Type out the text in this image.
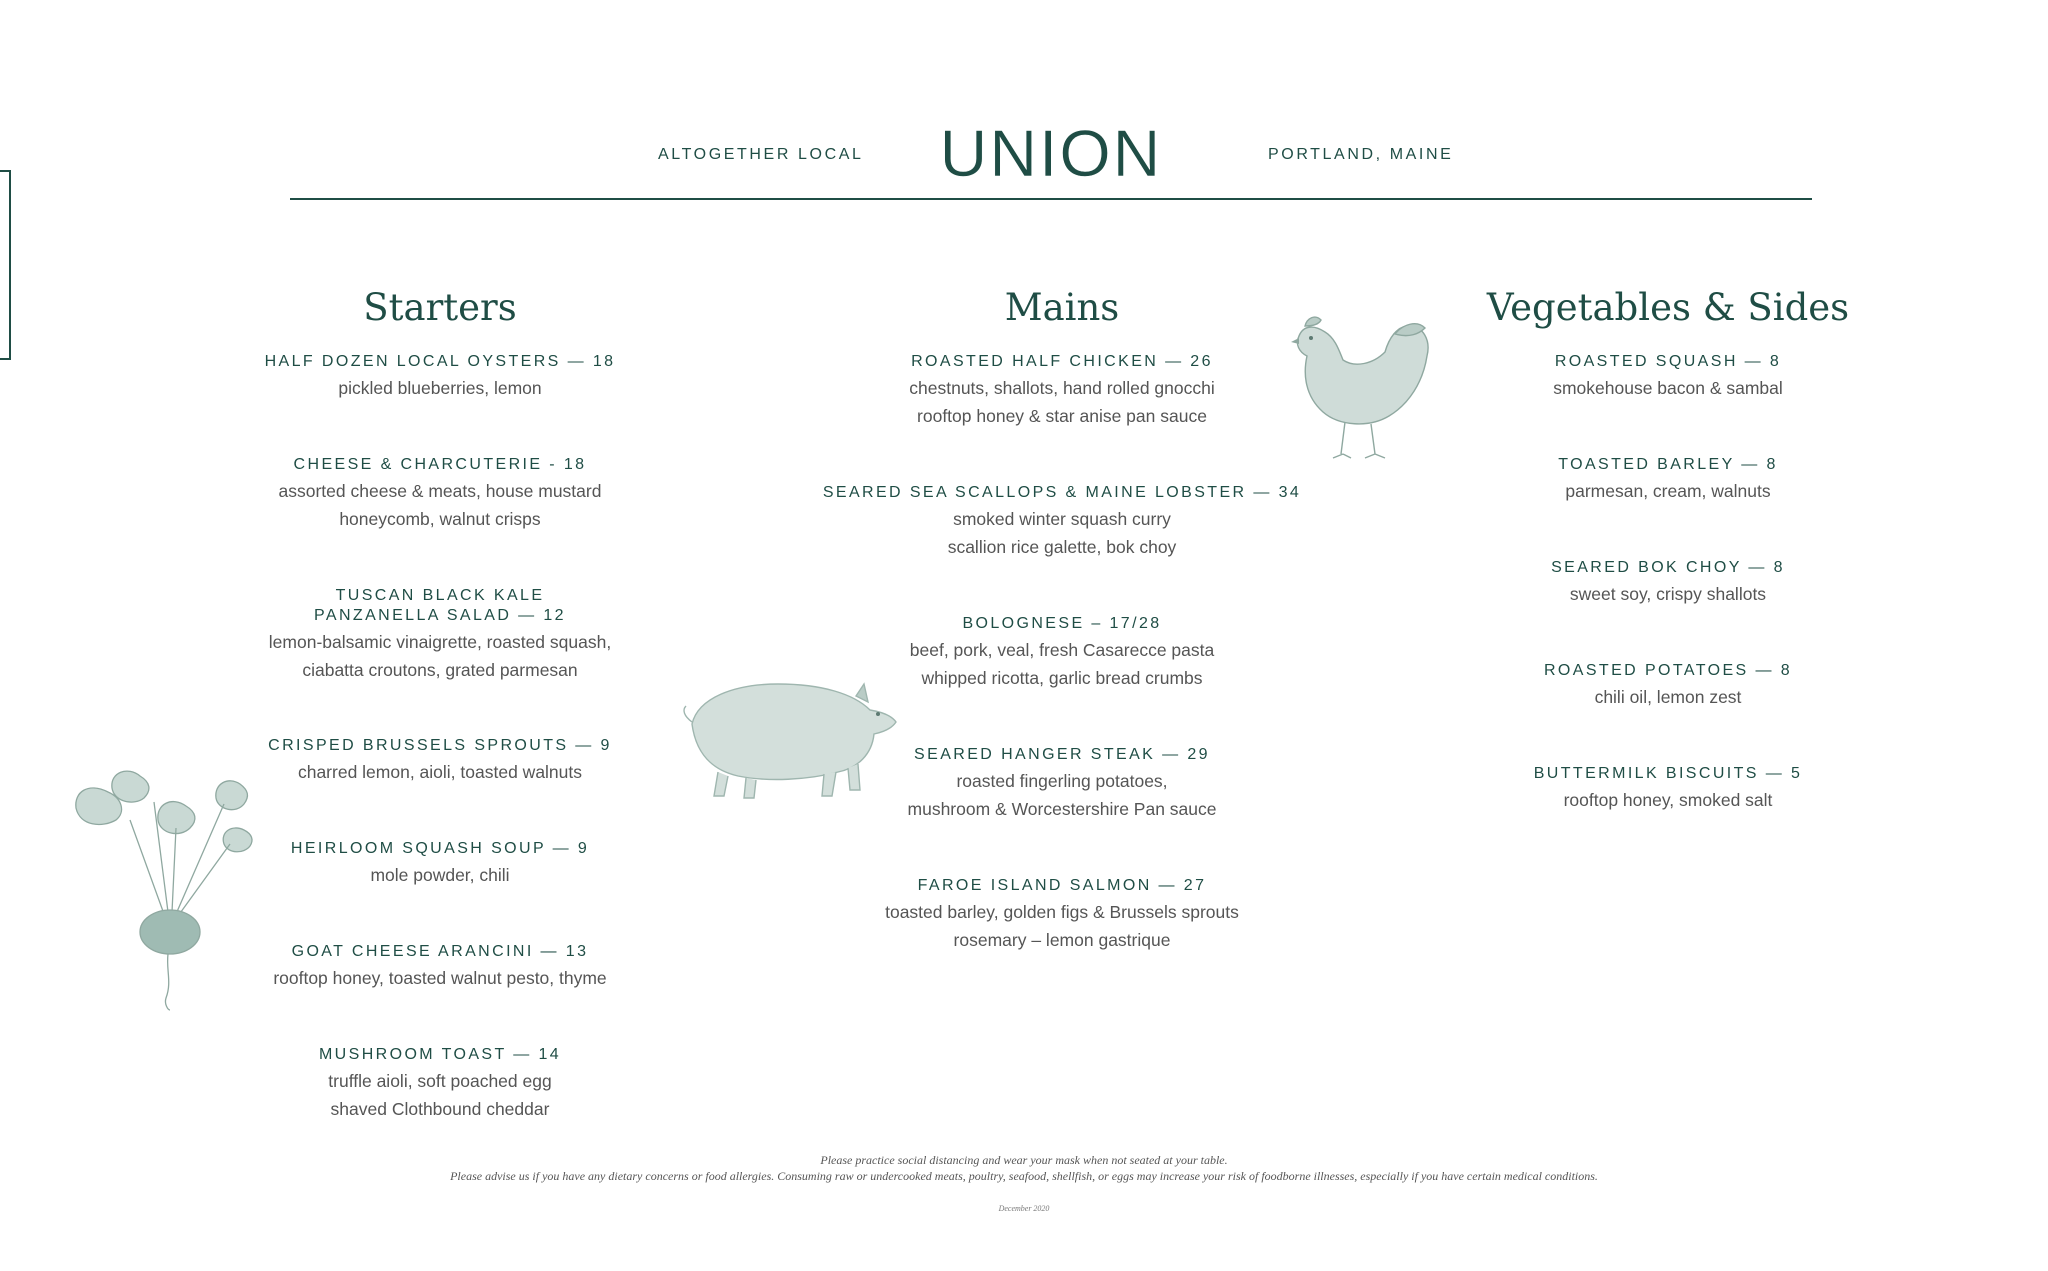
ALTOGETHER LOCAL UNION	PORTLAND, MAINE
Starters	Mains	Vegetables & Sides
HALF DOZEN LOCAL OYSTERS — 18
pickled blueberries, lemon
CHEESE & CHARCUTERIE - 18
assorted cheese & meats, house mustard
honeycomb, walnut crisps
TUSCAN BLACK KALE
PANZANELLA SALAD — 12
lemon-balsamic vinaigrette, roasted squash,
ciabatta croutons, grated parmesan
CRISPED BRUSSELS SPROUTS — 9
charred lemon, aioli, toasted walnuts
HEIRLOOM SQUASH SOUP — 9
mole powder, chili
GOAT CHEESE ARANCINI — 13
rooftop honey, toasted walnut pesto, thyme
MUSHROOM TOAST — 14
truffle aioli, soft poached egg
shaved Clothbound cheddar
ROASTED HALF CHICKEN — 26
chestnuts, shallots, hand rolled gnocchi
rooftop honey & star anise pan sauce
SEARED SEA SCALLOPS & MAINE LOBSTER — 34
smoked winter squash curry
scallion rice galette, bok choy
BOLOGNESE – 17/28
beef, pork, veal, fresh Casarecce pasta
whipped ricotta, garlic bread crumbs
SEARED HANGER STEAK — 29
roasted fingerling potatoes,
mushroom & Worcestershire Pan sauce
FAROE ISLAND SALMON — 27
toasted barley, golden figs & Brussels sprouts
rosemary – lemon gastrique
ROASTED SQUASH — 8
smokehouse bacon & sambal
TOASTED BARLEY — 8
parmesan, cream, walnuts
SEARED BOK CHOY — 8
sweet soy, crispy shallots
ROASTED POTATOES — 8
chili oil, lemon zest
BUTTERMILK BISCUITS — 5
rooftop honey, smoked salt
Please practice social distancing and wear your mask when not seated at your table.
Please advise us if you have any dietary concerns or food allergies. Consuming raw or undercooked meats, poultry, seafood, shellfish, or eggs may increase your risk of foodborne illnesses, especially if you have certain medical conditions.
December 2020
